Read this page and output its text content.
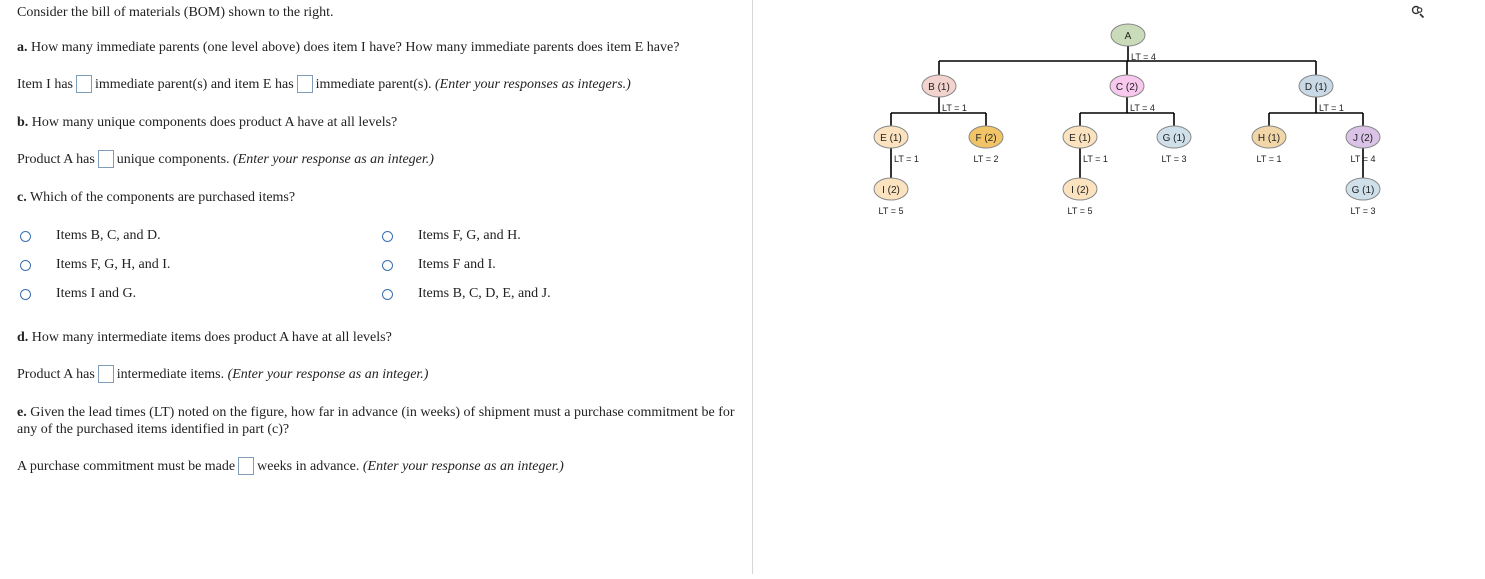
Consider the bill of materials (BOM) shown to the right.
a. How many immediate parents (one level above) does item I have? How many immediate parents does item E have?
Item I has immediate parent(s) and item E has immediate parent(s). (Enter your responses as integers.)
b. How many unique components does product A have at all levels?
Product A has unique components. (Enter your response as an integer.)
c. Which of the components are purchased items?
Items B, C, and D.
Items F, G, H, and I.
Items I and G.
Items F, G, and H.
Items F and I.
Items B, C, D, E, and J.
d. How many intermediate items does product A have at all levels?
Product A has intermediate items. (Enter your response as an integer.)
e. Given the lead times (LT) noted on the figure, how far in advance (in weeks) of shipment must a purchase commitment be for any of the purchased items identified in part (c)?
A purchase commitment must be made weeks in advance. (Enter your response as an integer.)
A
LT = 4
B (1)
LT = 1
C (2)
LT = 4
D (1)
LT = 1
E (1)
LT = 1
F (2)
LT = 2
E (1)
LT = 1
G (1)
LT = 3
H (1)
LT = 1
J (2)
LT = 4
I (2)
LT = 5
I (2)
LT = 5
G (1)
LT = 3
